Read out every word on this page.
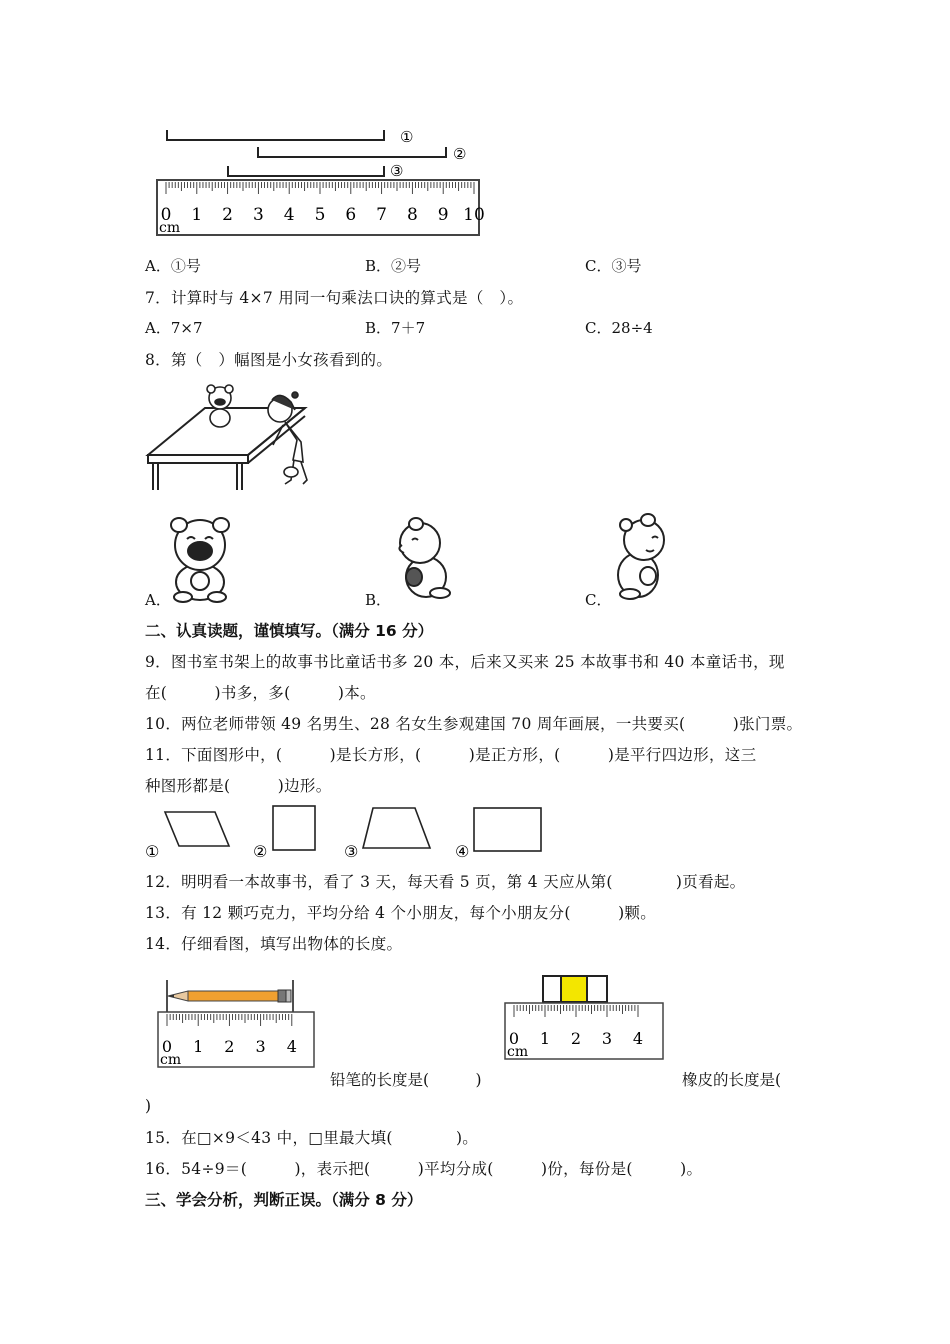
①
②
③
0 1 2 3 4 5 6 7 8 9 10
cm
A．①号	B．②号	C．③号
7．计算时与 4×7 用同一句乘法口诀的算式是（　）。
A．7×7	B．7＋7	C．28÷4
8．第（　）幅图是小女孩看到的。
A．	B．	C．
二、认真读题，谨慎填写。（满分 16 分）
9．图书室书架上的故事书比童话书多 20 本，后来又买来 25 本故事书和 40 本童话书，现
在(　　　)书多，多(　　　)本。
10．两位老师带领 49 名男生、28 名女生参观建国 70 周年画展，一共要买(　　　)张门票。
11．下面图形中，(　　　)是长方形，(　　　)是正方形，(　　　)是平行四边形，这三
种图形都是(　　　)边形。
①	②	③	④
12．明明看一本故事书，看了 3 天，每天看 5 页，第 4 天应从第(　　　　)页看起。
13．有 12 颗巧克力，平均分给 4 个小朋友，每个小朋友分(　　　)颗。
14．仔细看图，填写出物体的长度。
0 1 2 3 4
cm
0 1 2 3 4
cm
铅笔的长度是(　　　)	橡皮的长度是(
)
15．在□×9＜43 中，□里最大填(　　　　)。
16．54÷9＝(　　　)，表示把(　　　)平均分成(　　　)份，每份是(　　　)。
三、学会分析，判断正误。（满分 8 分）
